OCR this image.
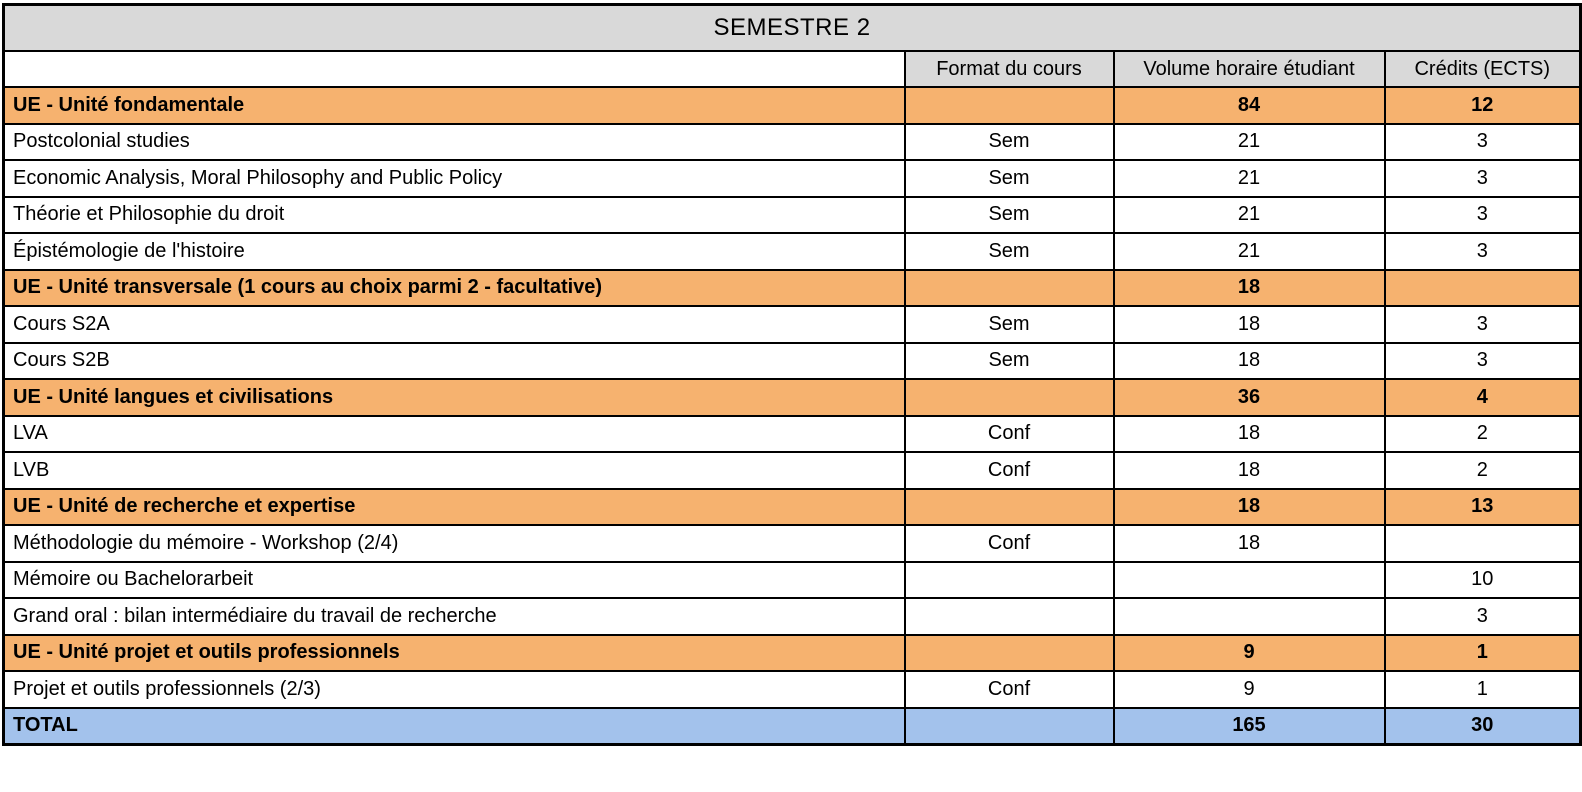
SEMESTRE 2			
	Format du cours	Volume horaire étudiant	Crédits (ECTS)
UE - Unité fondamentale		84	12
Postcolonial studies	Sem	21	3
Economic Analysis, Moral Philosophy and Public Policy	Sem	21	3
Théorie et Philosophie du droit	Sem	21	3
Épistémologie de l'histoire	Sem	21	3
UE - Unité transversale (1 cours au choix parmi 2 - facultative)		18	
Cours S2A	Sem	18	3
Cours S2B	Sem	18	3
UE - Unité langues et civilisations		36	4
LVA	Conf	18	2
LVB	Conf	18	2
UE - Unité de recherche et expertise		18	13
Méthodologie du mémoire - Workshop (2/4)	Conf	18	
Mémoire ou Bachelorarbeit			10
Grand oral : bilan intermédiaire du travail de recherche			3
UE - Unité projet et outils professionnels		9	1
Projet et outils professionnels (2/3)	Conf	9	1
TOTAL		165	30
